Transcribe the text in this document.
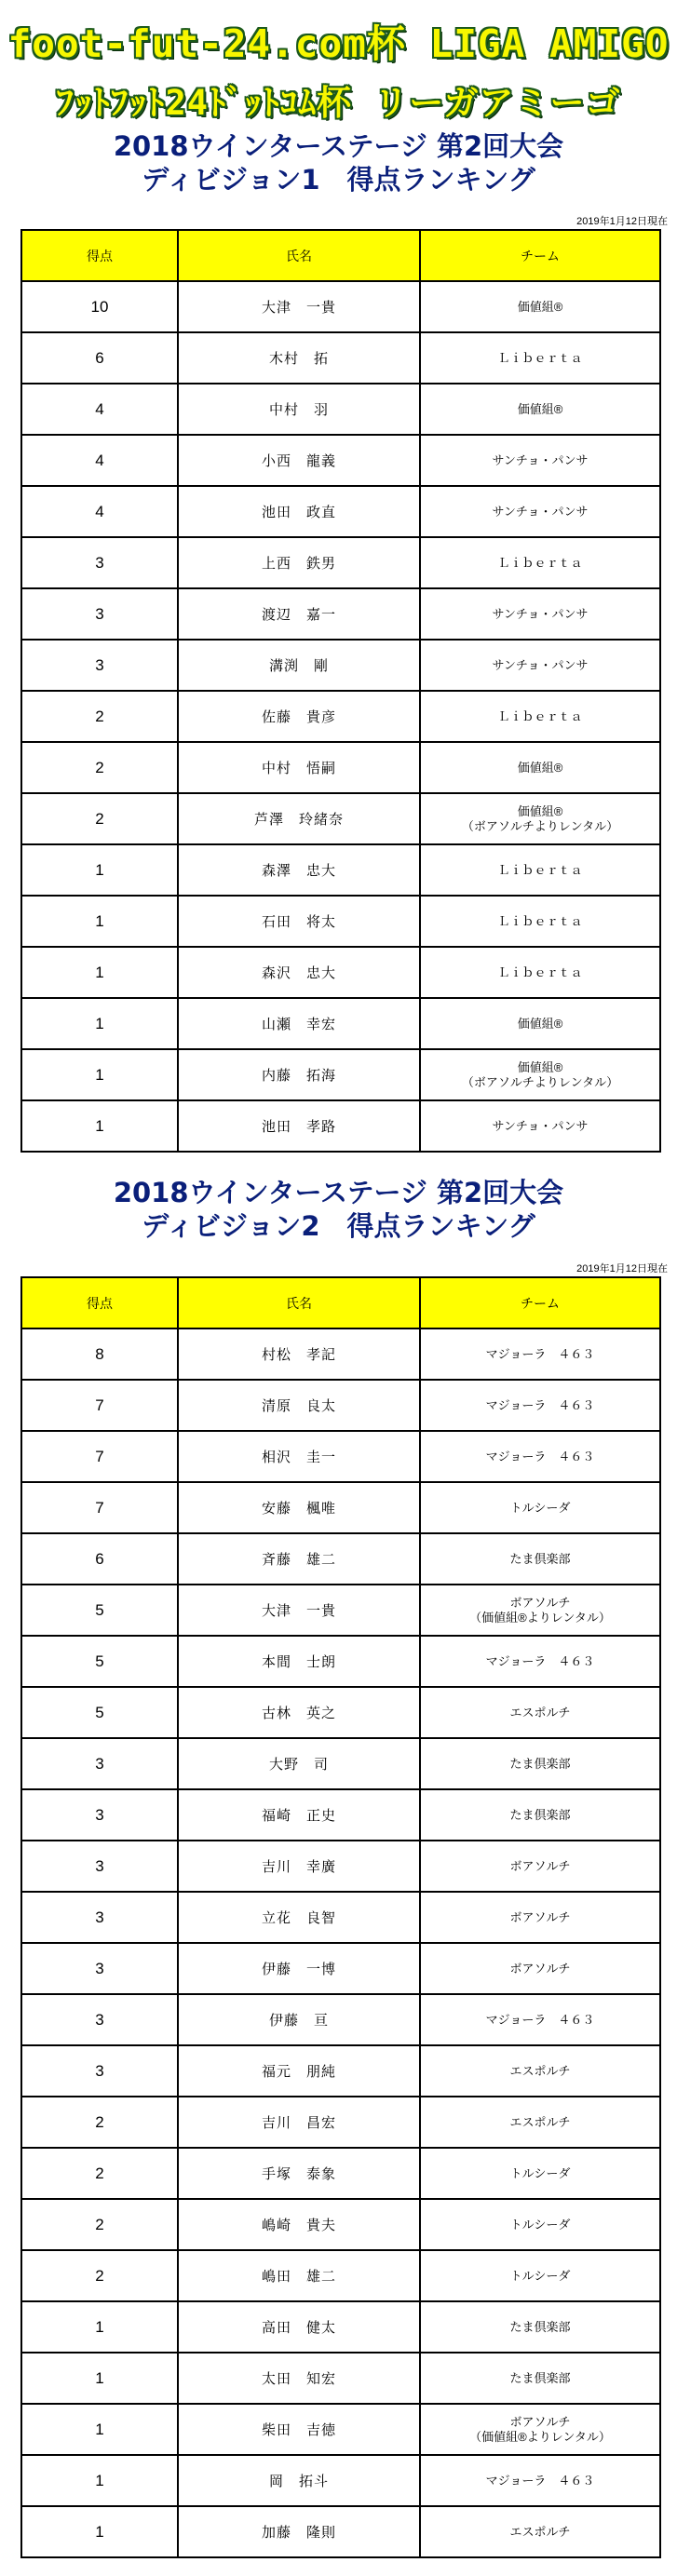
foot-fut-24.com杯 LIGA AMIGO
ﾌｯﾄﾌｯﾄ24ﾄﾞｯﾄｺﾑ杯 リーガアミーゴ
2018ウインターステージ 第2回大会
ディビジョン1　得点ランキング
2019年1月12日現在
得点	氏名	チーム
10	大津　一貴	価値組®

6	木村　拓	Ｌｉｂｅｒｔａ

4	中村　羽	価値組®

4	小西　龍義	サンチョ・パンサ

4	池田　政直	サンチョ・パンサ

3	上西　鉄男	Ｌｉｂｅｒｔａ

3	渡辺　嘉一	サンチョ・パンサ

3	溝渕　剛	サンチョ・パンサ

2	佐藤　貴彦	Ｌｉｂｅｒｔａ

2	中村　悟嗣	価値組®

2	芦澤　玲緒奈	価値組®
（ボアソルチよりレンタル）

1	森澤　忠大	Ｌｉｂｅｒｔａ

1	石田　将太	Ｌｉｂｅｒｔａ

1	森沢　忠大	Ｌｉｂｅｒｔａ

1	山瀬　幸宏	価値組®

1	内藤　拓海	価値組®
（ボアソルチよりレンタル）

1	池田　孝路	サンチョ・パンサ
2018ウインターステージ 第2回大会
ディビジョン2　得点ランキング
2019年1月12日現在
得点	氏名	チーム
8	村松　孝記	マジョーラ　４６３

7	清原　良太	マジョーラ　４６３

7	相沢　圭一	マジョーラ　４６３

7	安藤　楓唯	トルシーダ

6	斉藤　雄二	たま倶楽部

5	大津　一貴	ボアソルチ
（価値組®よりレンタル）

5	本間　士朗	マジョーラ　４６３

5	古林　英之	エスポルチ

3	大野　司	たま倶楽部

3	福崎　正史	たま倶楽部

3	吉川　幸廣	ボアソルチ

3	立花　良智	ボアソルチ

3	伊藤　一博	ボアソルチ

3	伊藤　亘	マジョーラ　４６３

3	福元　朋純	エスポルチ

2	吉川　昌宏	エスポルチ

2	手塚　泰象	トルシーダ

2	嶋崎　貴夫	トルシーダ

2	嶋田　雄二	トルシーダ

1	高田　健太	たま倶楽部

1	太田　知宏	たま倶楽部

1	柴田　吉徳	ボアソルチ
（価値組®よりレンタル）

1	岡　拓斗	マジョーラ　４６３

1	加藤　隆則	エスポルチ
